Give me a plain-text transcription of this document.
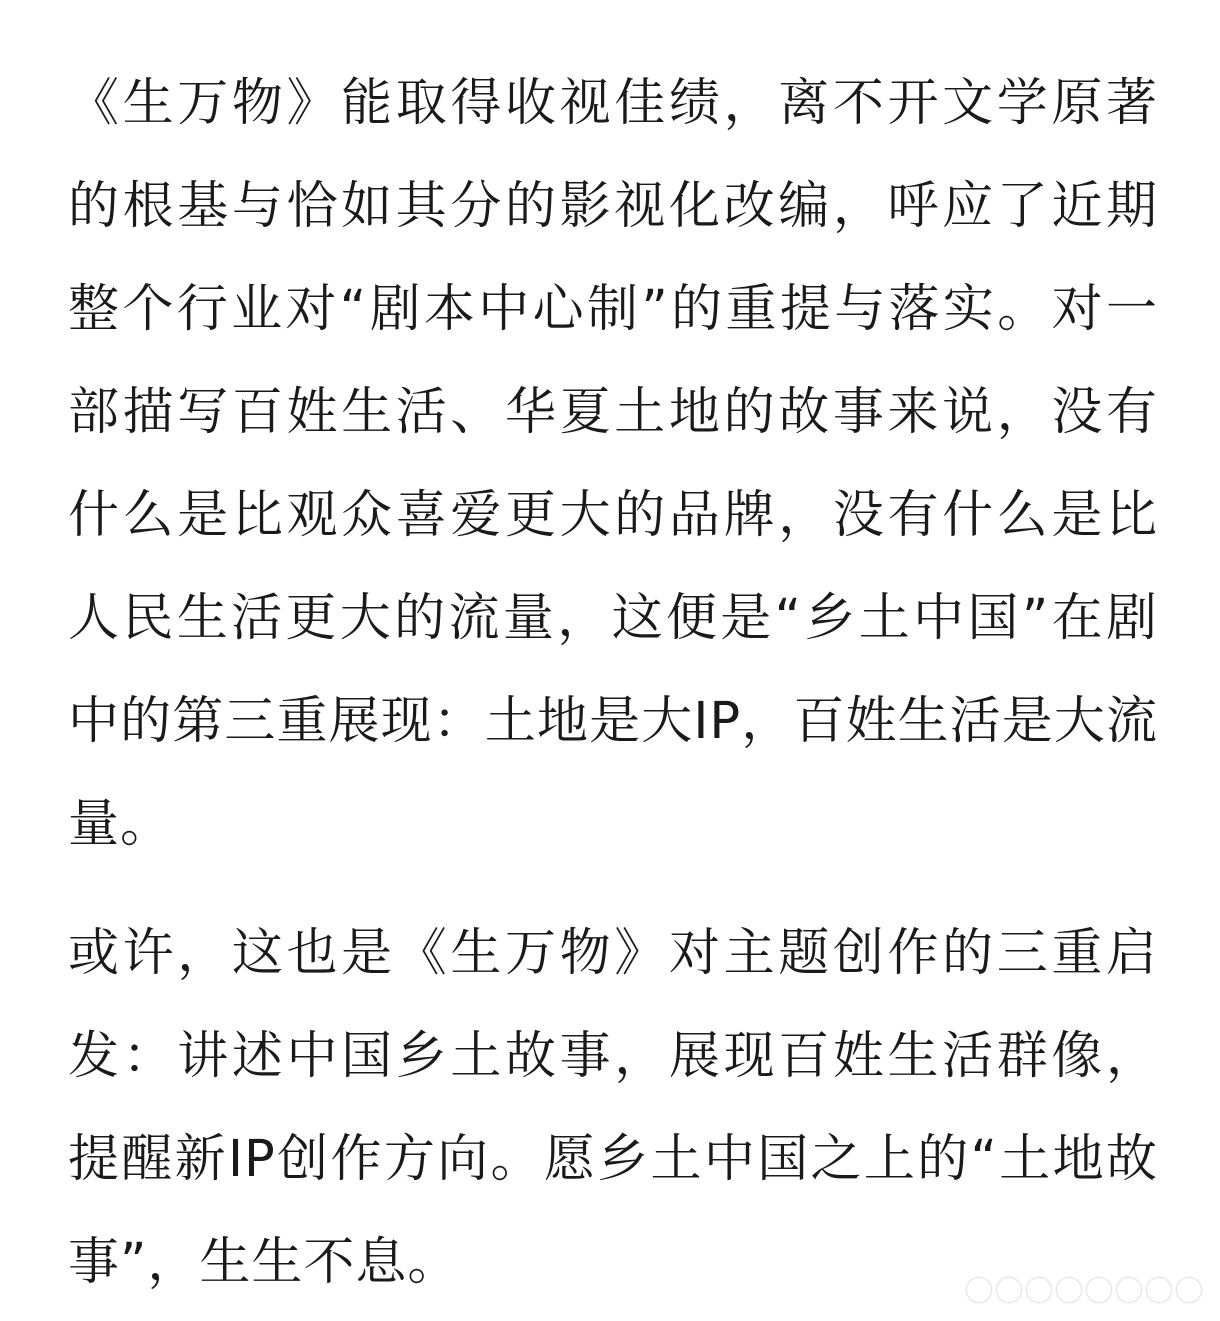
《生万物》能取得收视佳绩，离不开文学原著的根基与恰如其分的影视化改编，呼应了近期整个行业对“剧本中心制”的重提与落实。对一部描写百姓生活、华夏土地的故事来说，没有什么是比观众喜爱更大的品牌，没有什么是比人民生活更大的流量，这便是“乡土中国”在剧中的第三重展现：土地是大IP，百姓生活是大流量。

或许，这也是《生万物》对主题创作的三重启发：讲述中国乡土故事，展现百姓生活群像，提醒新IP创作方向。愿乡土中国之上的“土地故事”，生生不息。
